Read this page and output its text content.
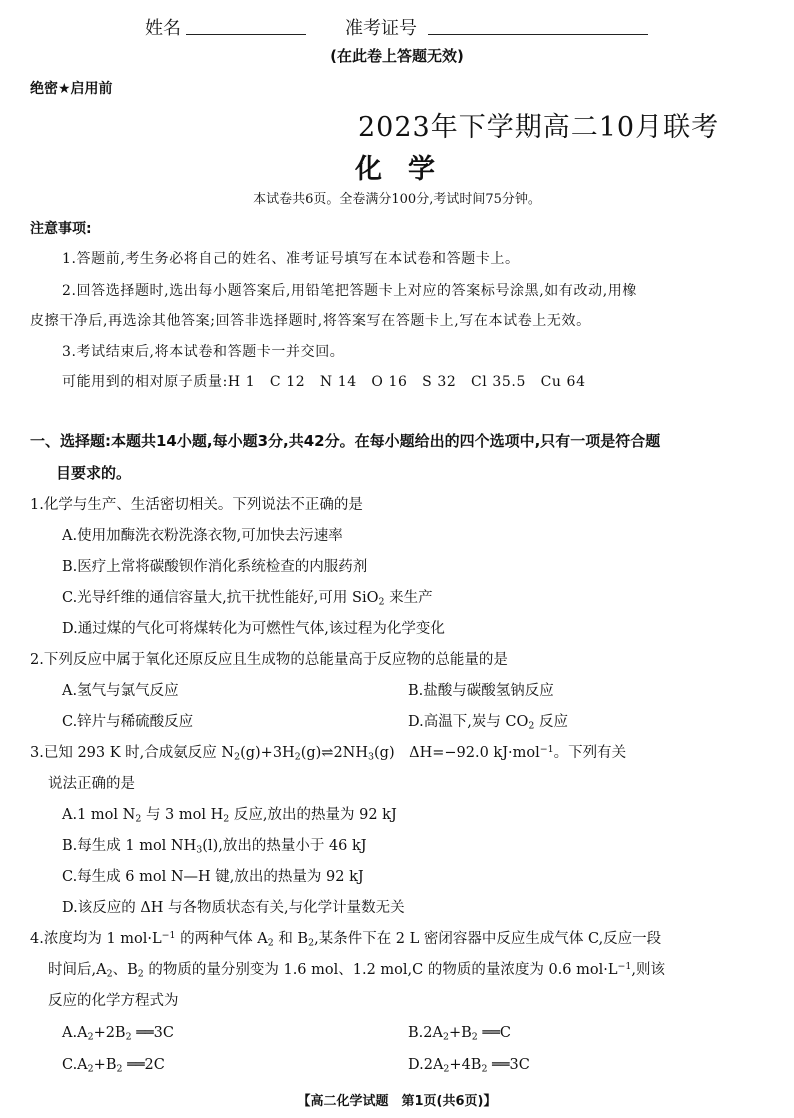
姓名	准考证号
(在此卷上答题无效)
绝密★启用前
2023年下学期高二10月联考
化学
本试卷共6页。全卷满分100分,考试时间75分钟。
注意事项:
1.答题前,考生务必将自己的姓名、准考证号填写在本试卷和答题卡上。
2.回答选择题时,选出每小题答案后,用铅笔把答题卡上对应的答案标号涂黑,如有改动,用橡
皮擦干净后,再选涂其他答案;回答非选择题时,将答案写在答题卡上,写在本试卷上无效。
3.考试结束后,将本试卷和答题卡一并交回。
可能用到的相对原子质量:H 1　C 12　N 14　O 16　S 32　Cl 35.5　Cu 64
一、选择题:本题共14小题,每小题3分,共42分。在每小题给出的四个选项中,只有一项是符合题
目要求的。
1.化学与生产、生活密切相关。下列说法不正确的是
A.使用加酶洗衣粉洗涤衣物,可加快去污速率
B.医疗上常将碳酸钡作消化系统检查的内服药剂
C.光导纤维的通信容量大,抗干扰性能好,可用 SiO$_2$ 来生产
D.通过煤的气化可将煤转化为可燃性气体,该过程为化学变化
2.下列反应中属于氧化还原反应且生成物的总能量高于反应物的总能量的是
A.氢气与氯气反应	B.盐酸与碳酸氢钠反应
C.锌片与稀硫酸反应	D.高温下,炭与 $CO_2$ 反应
3.已知 293 K 时,合成氨反应 $N_2(g)+3H_2(g)\rightleftharpoons 2NH_3(g)$　ΔH=−92.0 kJ·mol$^{-1}$。下列有关
说法正确的是
A.1 mol $N_2$ 与 3 mol $H_2$ 反应,放出的热量为 92 kJ
B.每生成 1 mol $NH_3(l)$,放出的热量小于 46 kJ
C.每生成 6 mol N—H 键,放出的热量为 92 kJ
D.该反应的 ΔH 与各物质状态有关,与化学计量数无关
4.浓度均为 1 $mol\cdot L^{-1}$ 的两种气体 $A_2$ 和 $B_2$,某条件下在 2 L 密闭容器中反应生成气体 C,反应一段
时间后$,A_2$、$B_2$ 的物质的量分别变为 1.6 mol、1.2 mol,C 的物质的量浓度为 0.6 $mol\cdot L^{-1}$,则该
反应的化学方程式为
$A.A_2+2B_2$ ══3C	$B.2A_2+B_2$ ══C
$C.A_2+B_2$ ══2C	$D.2A_2+4B_2$ ══3C
【高二化学试题　第1页(共6页)】
